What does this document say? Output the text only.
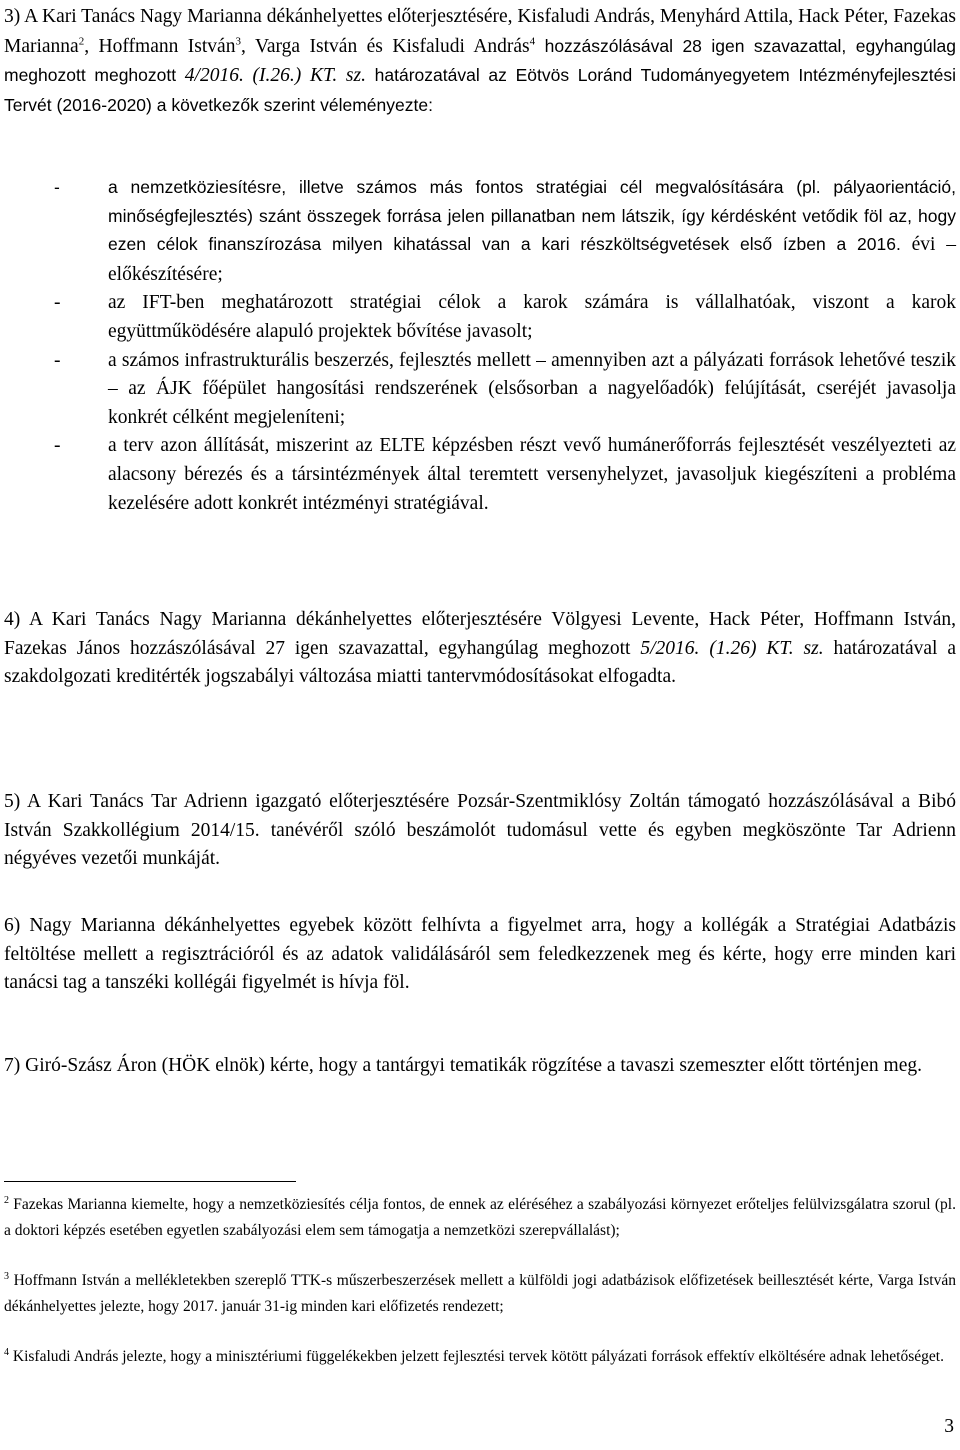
3) A Kari Tanács Nagy Marianna dékánhelyettes előterjesztésére, Kisfaludi András, Menyhárd Attila, Hack Péter, Fazekas Marianna$^2$, Hoffmann István$^3$, Varga István és Kisfaludi András$^4$ hozzászólásával 28 igen szavazattal, egyhangúlag meghozott meghozott 4/2016. (I.26.) KT. sz. határozatával az Eötvös Loránd Tudományegyetem Intézményfejlesztési Tervét (2016-2020) a következők szerint véleményezte:

-	a nemzetköziesítésre, illetve számos más fontos stratégiai cél megvalósítására (pl. pályaorientáció, minőségfejlesztés) szánt összegek forrása jelen pillanatban nem látszik, így kérdésként vetődik föl az, hogy ezen célok finanszírozása milyen kihatással van a kari részköltségvetések első ízben a 2016. évi – előkészítésére;
- az IFT-ben meghatározott stratégiai célok a karok számára is vállalhatóak, viszont a karok együttműködésére alapuló projektek bővítése javasolt;
- a számos infrastrukturális beszerzés, fejlesztés mellett – amennyiben azt a pályázati források lehetővé teszik – az ÁJK főépület hangosítási rendszerének (elsősorban a nagyelőadók) felújítását, cseréjét javasolja konkrét célként megjeleníteni;
- a terv azon állítását, miszerint az ELTE képzésben részt vevő humánerőforrás fejlesztését veszélyezteti az alacsony bérezés és a társintézmények által teremtett versenyhelyzet, javasoljuk kiegészíteni a probléma kezelésére adott konkrét intézményi stratégiával.

4) A Kari Tanács Nagy Marianna dékánhelyettes előterjesztésére Völgyesi Levente, Hack Péter, Hoffmann István, Fazekas János hozzászólásával 27 igen szavazattal, egyhangúlag meghozott 5/2016. (1.26) KT. sz. határozatával a szakdolgozati kreditérték jogszabályi változása miatti tantervmódosításokat elfogadta.

5) A Kari Tanács Tar Adrienn igazgató előterjesztésére Pozsár-Szentmiklósy Zoltán támogató hozzászólásával a Bibó István Szakkollégium 2014/15. tanévéről szóló beszámolót tudomásul vette és egyben megköszönte Tar Adrienn négyéves vezetői munkáját.

6) Nagy Marianna dékánhelyettes egyebek között felhívta a figyelmet arra, hogy a kollégák a Stratégiai Adatbázis feltöltése mellett a regisztrációról és az adatok validálásáról sem feledkezzenek meg és kérte, hogy erre minden kari tanácsi tag a tanszéki kollégái figyelmét is hívja föl.

7) Giró-Szász Áron (HÖK elnök) kérte, hogy a tantárgyi tematikák rögzítése a tavaszi szemeszter előtt történjen meg.

$^2$ Fazekas Marianna kiemelte, hogy a nemzetköziesítés célja fontos, de ennek az eléréséhez a szabályozási környezet erőteljes felülvizsgálatra szorul (pl. a doktori képzés esetében egyetlen szabályozási elem sem támogatja a nemzetközi szerepvállalást);

$^3$ Hoffmann István a mellékletekben szereplő TTK-s műszerbeszerzések mellett a külföldi jogi adatbázisok előfizetések beillesztését kérte, Varga István dékánhelyettes jelezte, hogy 2017. január 31-ig minden kari előfizetés rendezett;

$^4$ Kisfaludi András jelezte, hogy a minisztériumi függelékekben jelzett fejlesztési tervek kötött pályázati források effektív elköltésére adnak lehetőséget.

3
